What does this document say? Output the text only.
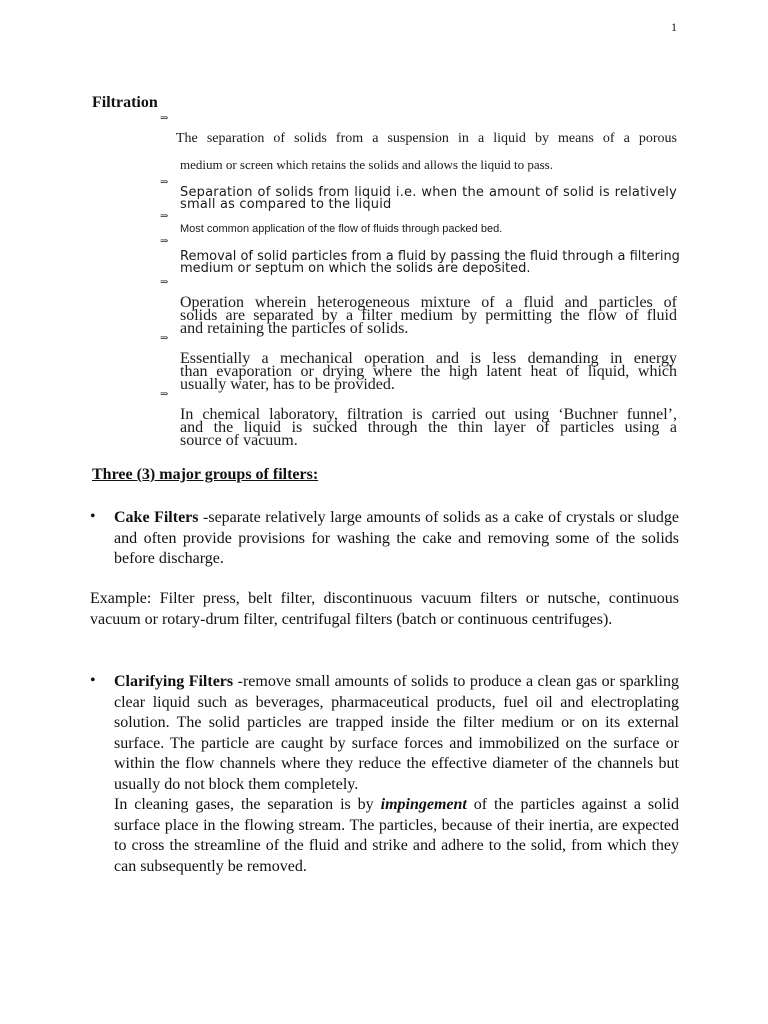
1
Filtration
⇒
⇒
⇒
⇒
⇒
⇒
⇒
The separation of solids from a suspension in a liquid by means of a porous
medium or screen which retains the solids and allows the liquid to pass.
Separation of solids from liquid i.e. when the amount of solid is relatively
small as compared to the liquid
Most common application of the flow of fluids through packed bed.
Removal of solid particles from a fluid by passing the fluid through a filtering
medium or septum on which the solids are deposited.
Operation wherein heterogeneous mixture of a fluid and particles of
solids are separated by a filter medium by permitting the flow of fluid
and retaining the particles of solids.
Essentially a mechanical operation and is less demanding in energy
than evaporation or drying where the high latent heat of liquid, which
usually water, has to be provided.
In chemical laboratory, filtration is carried out using ‘Buchner funnel’,
and the liquid is sucked through the thin layer of particles using a
source of vacuum.
Three (3) major groups of filters:
• Cake Filters -separate relatively large amounts of solids as a cake of crystals or sludge and often provide provisions for washing the cake and removing some of the solids before discharge.
Example: Filter press, belt filter, discontinuous vacuum filters or nutsche, continuous vacuum or rotary-drum filter, centrifugal filters (batch or continuous centrifuges).
• Clarifying Filters -remove small amounts of solids to produce a clean gas or sparkling clear liquid such as beverages, pharmaceutical products, fuel oil and electroplating solution. The solid particles are trapped inside the filter medium or on its external surface. The particle are caught by surface forces and immobilized on the surface or within the flow channels where they reduce the effective diameter of the channels but usually do not block them completely.
In cleaning gases, the separation is by impingement of the particles against a solid surface place in the flowing stream. The particles, because of their inertia, are expected to cross the streamline of the fluid and strike and adhere to the solid, from which they can subsequently be removed.
